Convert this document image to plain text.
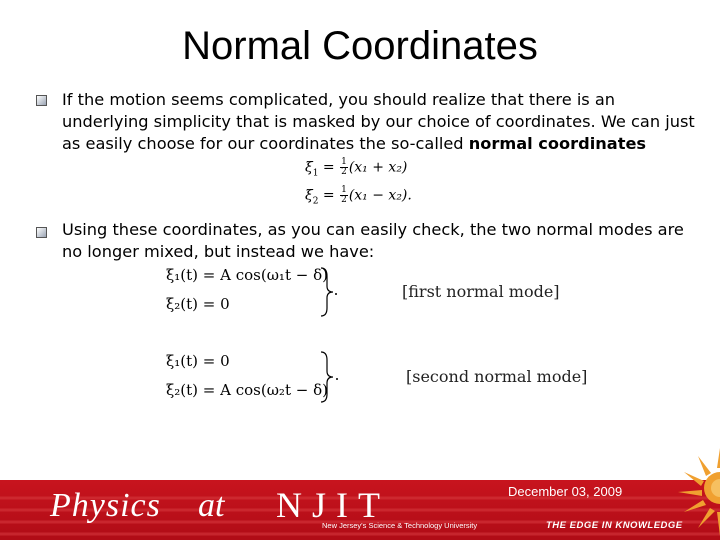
Normal Coordinates
If the motion seems complicated, you should realize that there is an underlying simplicity that is masked by our choice of coordinates. We can just as easily choose for our coordinates the so-called normal coordinates
$\xi_1 = \frac{1}{2} (x_1 + x_2)$
$\xi_2 = \frac{1}{2} (x_1 - x_2)$.
Using these coordinates, as you can easily check, the two normal modes are no longer mixed, but instead we have:
ξ₁(t) = A cos(ω₁t − δ)
ξ₂(t) = 0
[first normal mode]
ξ₁(t) = 0
ξ₂(t) = A cos(ω₂t − δ)
[second normal mode]
December 03, 2009
Physics at NJIT
New Jersey's Science & Technology University	THE EDGE IN KNOWLEDGE
